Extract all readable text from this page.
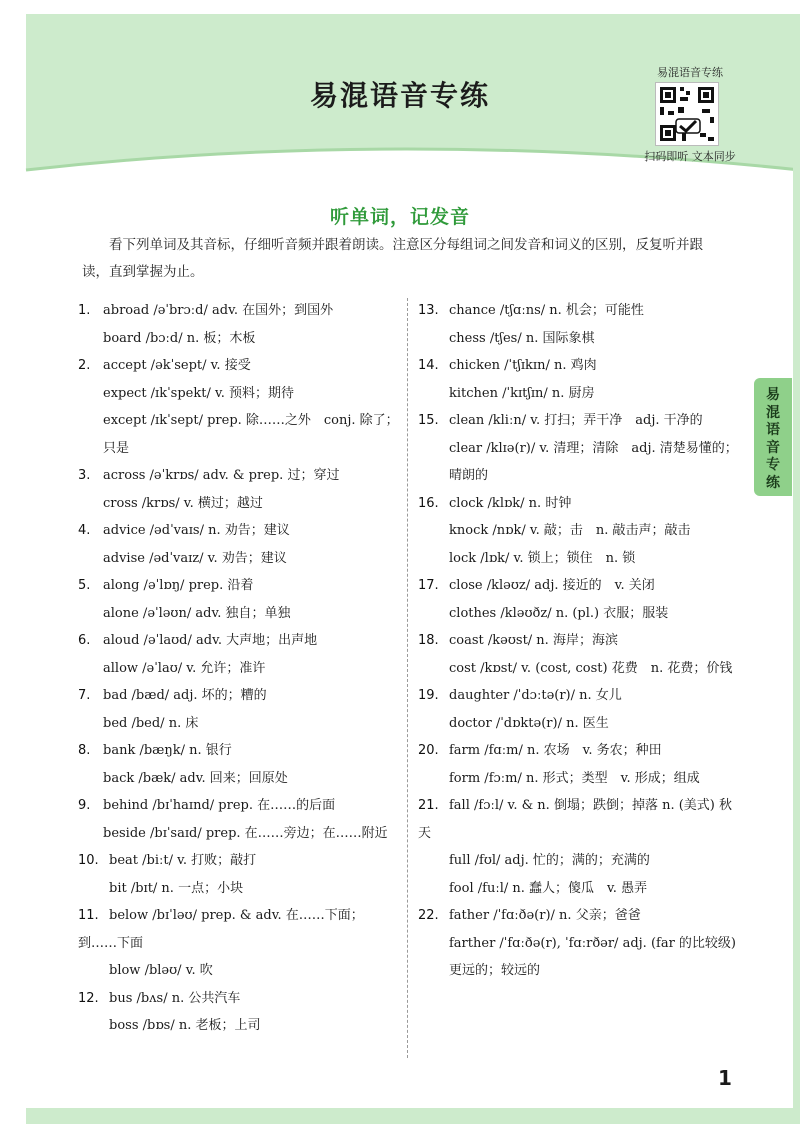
易混语音专练
易混语音专练
扫码即听 文本同步
听单词，记发音
看下列单词及其音标，仔细听音频并跟着朗读。注意区分每组词之间发音和词义的区别，反复听并跟读，直到掌握为止。
1. abroad /əˈbrɔːd/ adv. 在国外；到国外
board /bɔːd/ n. 板；木板
2. accept /əkˈsept/ v. 接受
expect /ɪkˈspekt/ v. 预料；期待
except /ɪkˈsept/ prep. 除……之外　conj. 除了；只是
3. across /əˈkrɒs/ adv. & prep. 过；穿过
cross /krɒs/ v. 横过；越过
4. advice /ədˈvaɪs/ n. 劝告；建议
advise /ədˈvaɪz/ v. 劝告；建议
5. along /əˈlɒŋ/ prep. 沿着
alone /əˈləʊn/ adv. 独自；单独
6. aloud /əˈlaʊd/ adv. 大声地；出声地
allow /əˈlaʊ/ v. 允许；准许
7. bad /bæd/ adj. 坏的；糟的
bed /bed/ n. 床
8. bank /bæŋk/ n. 银行
back /bæk/ adv. 回来；回原处
9. behind /bɪˈhaɪnd/ prep. 在……的后面
beside /bɪˈsaɪd/ prep. 在……旁边；在……附近
10. beat /biːt/ v. 打败；敲打
bit /bɪt/ n. 一点；小块
11. below /bɪˈləʊ/ prep. & adv. 在……下面；到……下面
blow /bləʊ/ v. 吹
12. bus /bʌs/ n. 公共汽车
boss /bɒs/ n. 老板；上司
13. chance /tʃɑːns/ n. 机会；可能性
chess /tʃes/ n. 国际象棋
14. chicken /ˈtʃɪkɪn/ n. 鸡肉
kitchen /ˈkɪtʃɪn/ n. 厨房
15. clean /kliːn/ v. 打扫；弄干净　adj. 干净的
clear /klɪə(r)/ v. 清理；清除　adj. 清楚易懂的；晴朗的
16. clock /klɒk/ n. 时钟
knock /nɒk/ v. 敲；击　n. 敲击声；敲击
lock /lɒk/ v. 锁上；锁住　n. 锁
17. close /kləʊz/ adj. 接近的　v. 关闭
clothes /kləʊðz/ n. (pl.) 衣服；服装
18. coast /kəʊst/ n. 海岸；海滨
cost /kɒst/ v. (cost, cost) 花费　n. 花费；价钱
19. daughter /ˈdɔːtə(r)/ n. 女儿
doctor /ˈdɒktə(r)/ n. 医生
20. farm /fɑːm/ n. 农场　v. 务农；种田
form /fɔːm/ n. 形式；类型　v. 形成；组成
21. fall /fɔːl/ v. & n. 倒塌；跌倒；掉落 n. (美式) 秋天
full /fʊl/ adj. 忙的；满的；充满的
fool /fuːl/ n. 蠢人；傻瓜　v. 愚弄
22. father /ˈfɑːðə(r)/ n. 父亲；爸爸
farther /ˈfɑːðə(r), ˈfɑːrðər/ adj. (far 的比较级) 更远的；较远的
易
混
语
音
专
练
1
